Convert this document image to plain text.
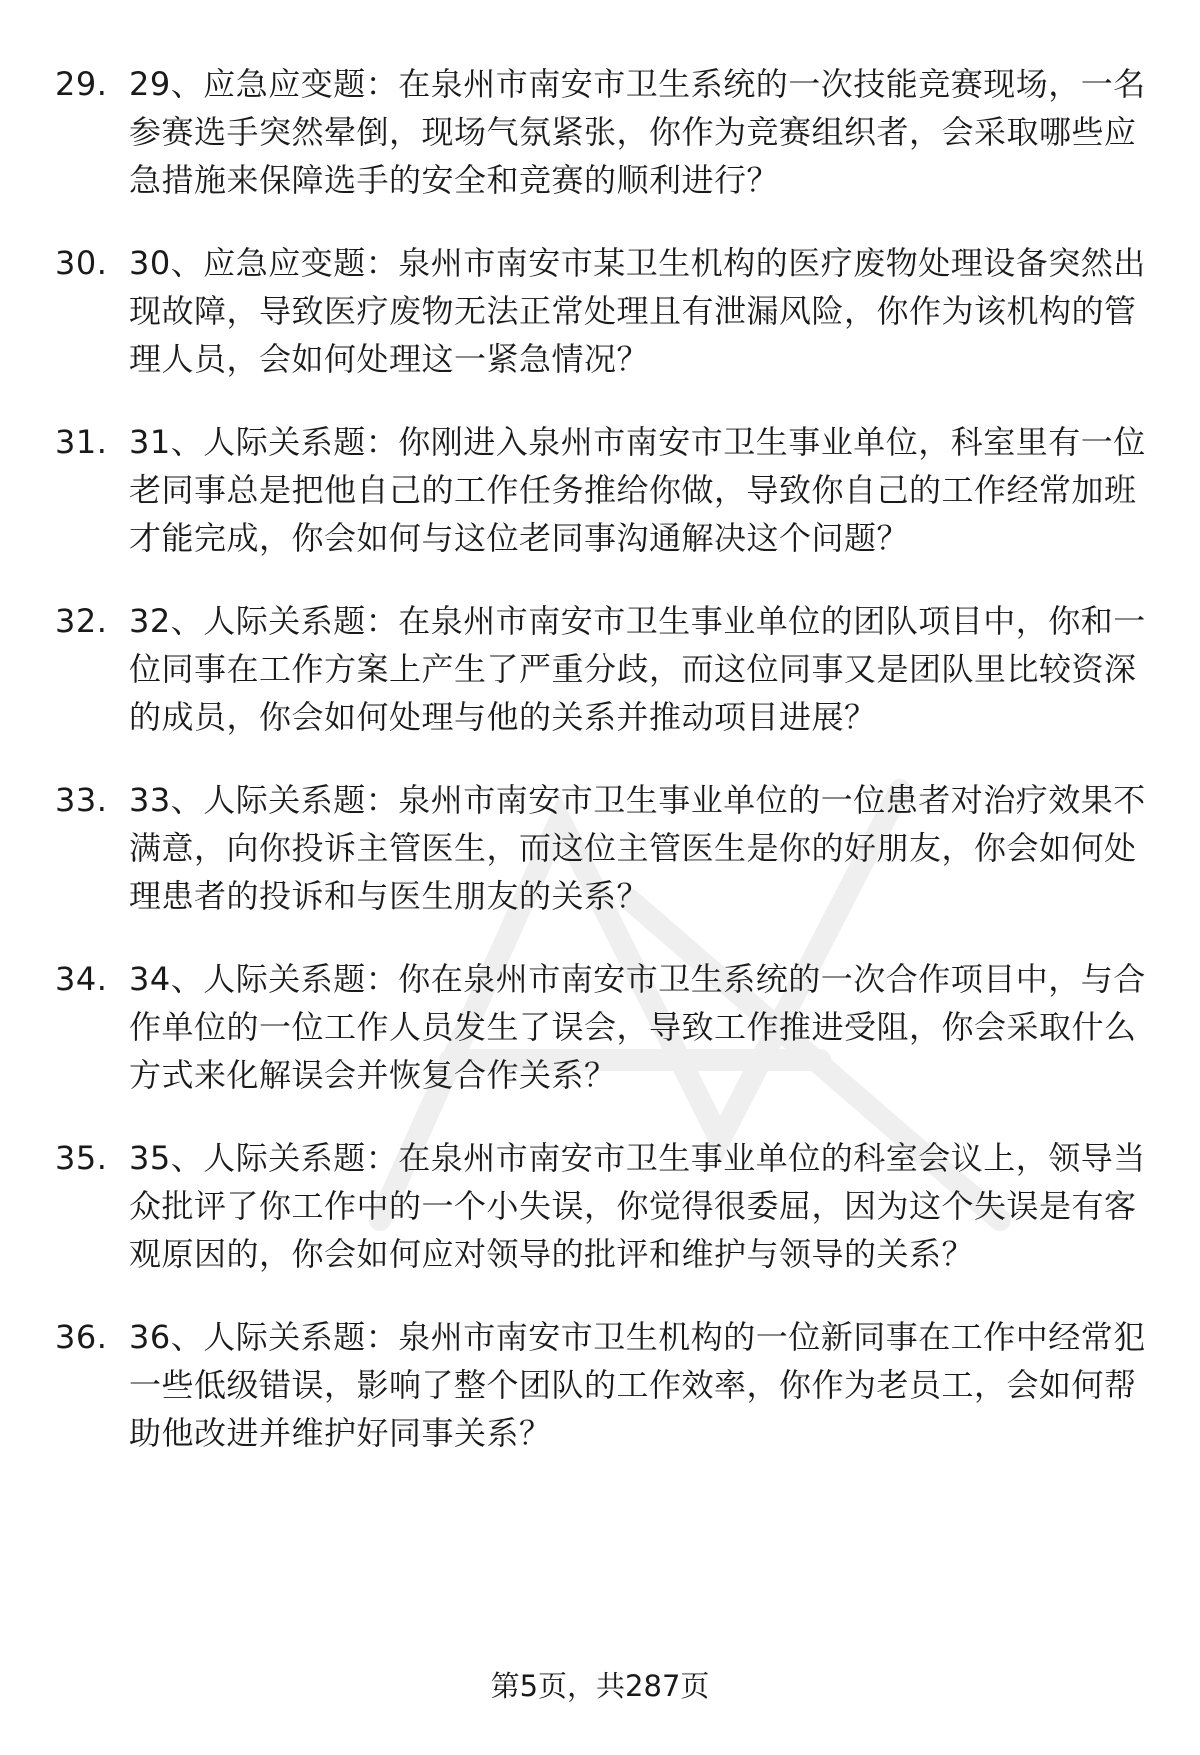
29. 29、应急应变题：在泉州市南安市卫生系统的一次技能竞赛现场，一名参赛选手突然晕倒，现场气氛紧张，你作为竞赛组织者，会采取哪些应急措施来保障选手的安全和竞赛的顺利进行？
30. 30、应急应变题：泉州市南安市某卫生机构的医疗废物处理设备突然出现故障，导致医疗废物无法正常处理且有泄漏风险，你作为该机构的管理人员，会如何处理这一紧急情况？
31. 31、人际关系题：你刚进入泉州市南安市卫生事业单位，科室里有一位老同事总是把他自己的工作任务推给你做，导致你自己的工作经常加班才能完成，你会如何与这位老同事沟通解决这个问题？
32. 32、人际关系题：在泉州市南安市卫生事业单位的团队项目中，你和一位同事在工作方案上产生了严重分歧，而这位同事又是团队里比较资深的成员，你会如何处理与他的关系并推动项目进展？
33. 33、人际关系题：泉州市南安市卫生事业单位的一位患者对治疗效果不满意，向你投诉主管医生，而这位主管医生是你的好朋友，你会如何处理患者的投诉和与医生朋友的关系？
34. 34、人际关系题：你在泉州市南安市卫生系统的一次合作项目中，与合作单位的一位工作人员发生了误会，导致工作推进受阻，你会采取什么方式来化解误会并恢复合作关系？
35. 35、人际关系题：在泉州市南安市卫生事业单位的科室会议上，领导当众批评了你工作中的一个小失误，你觉得很委屈，因为这个失误是有客观原因的，你会如何应对领导的批评和维护与领导的关系？
36. 36、人际关系题：泉州市南安市卫生机构的一位新同事在工作中经常犯一些低级错误，影响了整个团队的工作效率，你作为老员工，会如何帮助他改进并维护好同事关系？
第5页，共287页
